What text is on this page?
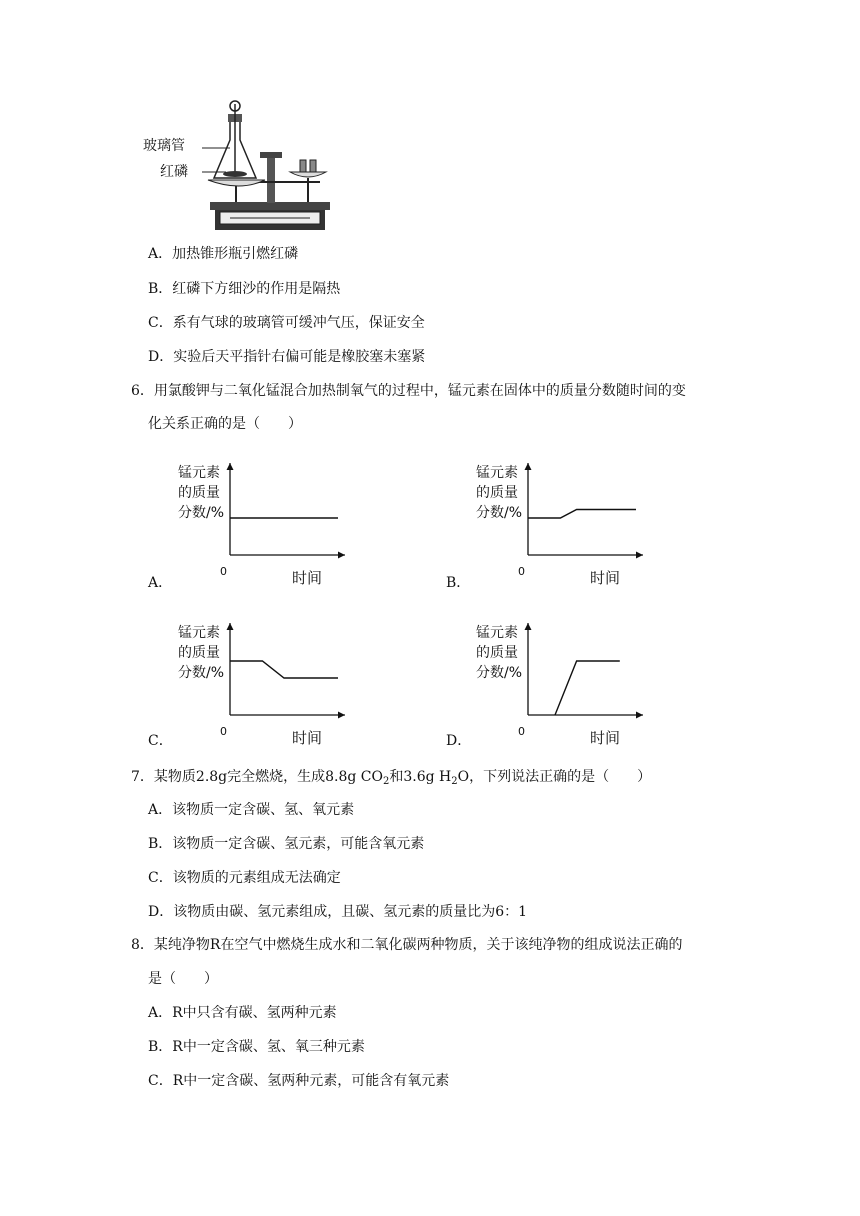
玻璃管
红磷
A．加热锥形瓶引燃红磷
B．红磷下方细沙的作用是隔热
C．系有气球的玻璃管可缓冲气压，保证安全
D．实验后天平指针右偏可能是橡胶塞未塞紧
6．用氯酸钾与二氧化锰混合加热制氧气的过程中，锰元素在固体中的质量分数随时间的变
化关系正确的是（　　）
锰元素
的质量
分数/%
0	时间
锰元素
的质量
分数/%
0	时间
锰元素
的质量
分数/%
0	时间
锰元素
的质量
分数/%
0	时间
A．	B．
C．	D．
7．某物质2.8g完全燃烧，生成8.8g $CO_2$和3.6g $H_2O$，下列说法正确的是（　　）
A．该物质一定含碳、氢、氧元素
B．该物质一定含碳、氢元素，可能含氧元素
C．该物质的元素组成无法确定
D．该物质由碳、氢元素组成，且碳、氢元素的质量比为6：1
8．某纯净物R在空气中燃烧生成水和二氧化碳两种物质，关于该纯净物的组成说法正确的
是（　　）
A．R中只含有碳、氢两种元素
B．R中一定含碳、氢、氧三种元素
C．R中一定含碳、氢两种元素，可能含有氧元素
